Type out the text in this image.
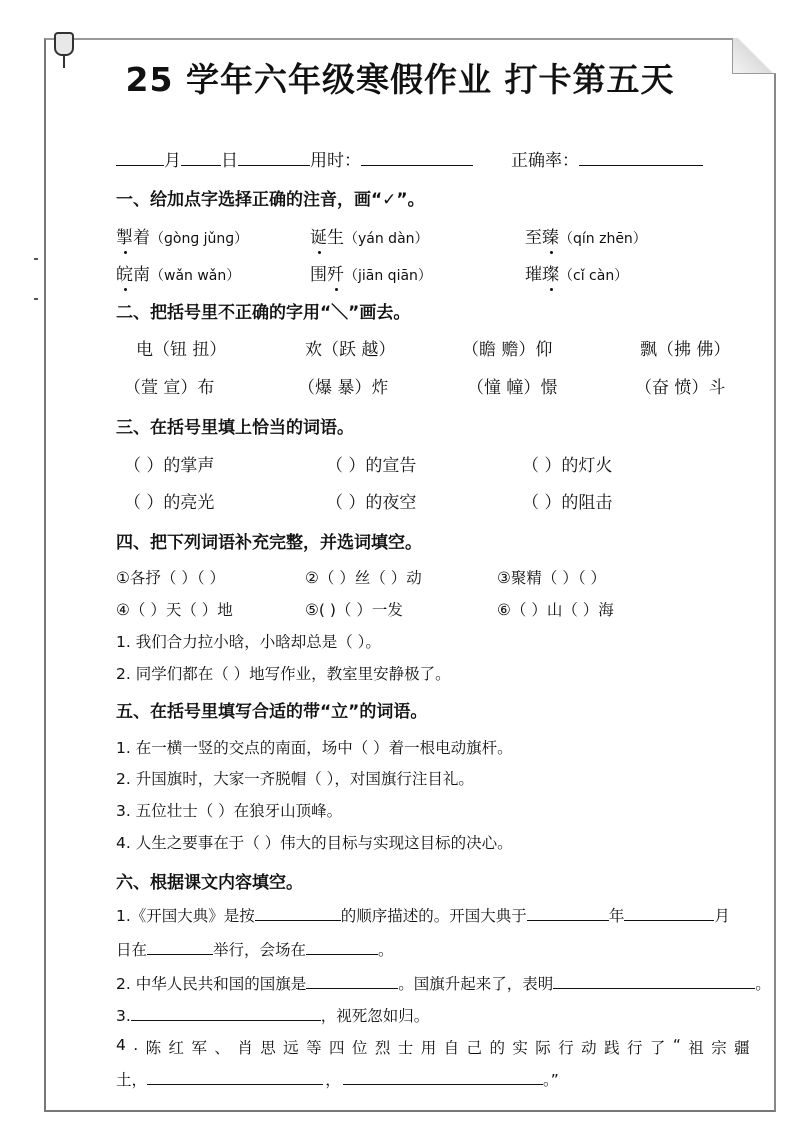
25 学年六年级寒假作业 打卡第五天
月 日	用时：	正确率：
一、给加点字选择正确的注音，画“✓”。
掣着（ɡònɡ jǔnɡ）	诞生（yán dàn）	至臻（qín zhēn）
皖南（wǎn wǎn）	围歼（jiān qiān）	璀璨（cǐ càn）
二、把括号里不正确的字用“＼”画去。
电（钮 扭）	欢（跃 越）	（瞻 赡）仰	飘（拂 佛）
（萱 宣）布	（爆 暴）炸	（憧 幢）憬	（奋 愤）斗
三、在括号里填上恰当的词语。
（ ）的掌声	（ ）的宣告	（ ）的灯火
（ ）的亮光	（ ）的夜空	（ ）的阻击
四、把下列词语补充完整，并选词填空。
①各抒（ ）（ ）	②（ ）丝（ ）动	③聚精（ ）（ ）
④（ ）天（ ）地	⑤( )（ ）一发	⑥（ ）山（ ）海
1. 我们合力拉小晗，小晗却总是（ ）。
2. 同学们都在（ ）地写作业，教室里安静极了。
五、在括号里填写合适的带“立”的词语。
1. 在一横一竖的交点的南面，场中（ ）着一根电动旗杆。
2. 升国旗时，大家一齐脱帽（ ），对国旗行注目礼。
3. 五位壮士（ ）在狼牙山顶峰。
4. 人生之要事在于（ ）伟大的目标与实现这目标的决心。
六、根据课文内容填空。
1.《开国大典》是按	的顺序描述的。开国大典于	年	月
日在	举行，会场在	。
2. 中华人民共和国的国旗是	。国旗升起来了，表明	。
3.	，视死忽如归。
4 . 陈 红 军 、 肖 思 远 等 四 位 烈 士 用 自 己 的 实 际 行 动 践 行 了 “ 祖 宗 疆
土，	，	。”
